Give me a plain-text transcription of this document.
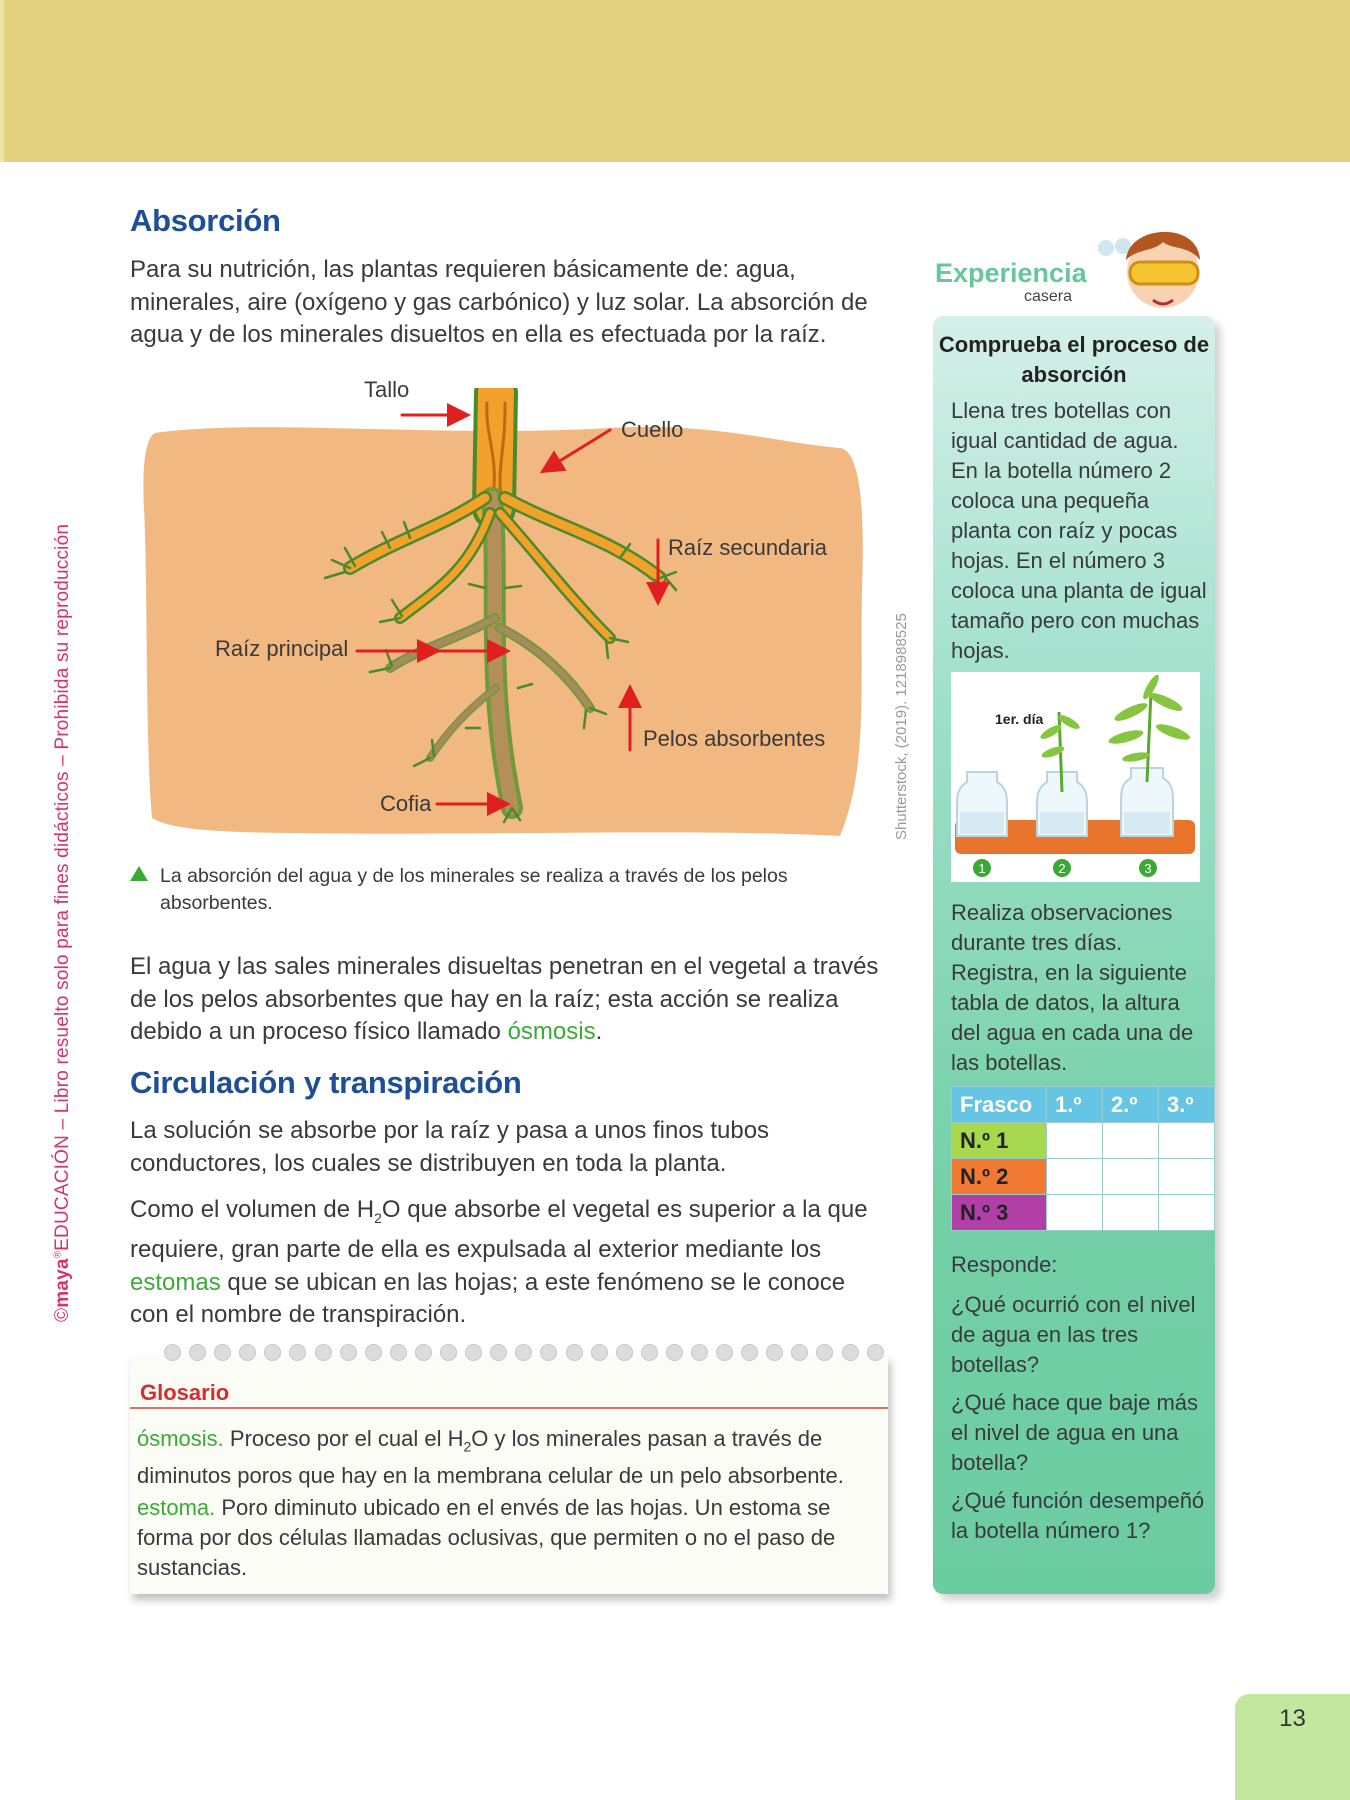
©maya®EDUCACIÓN – Libro resuelto solo para fines didácticos – Prohibida su reproducción	Shutterstock, (2019). 1218988525
Absorción

Para su nutrición, las plantas requieren básicamente de: agua, minerales, aire (oxígeno y gas carbónico) y luz solar. La absorción de agua y de los minerales disueltos en ella es efectuada por la raíz.

Tallo
Cuello
Raíz secundaria
Raíz principal
Pelos absorbentes
Cofia
La absorción del agua y de los minerales se realiza a través de los pelos absorbentes.

El agua y las sales minerales disueltas penetran en el vegetal a través de los pelos absorbentes que hay en la raíz; esta acción se realiza debido a un proceso físico llamado ósmosis.

Circulación y transpiración

La solución se absorbe por la raíz y pasa a unos finos tubos conductores, los cuales se distribuyen en toda la planta.

Como el volumen de $H_2O$ que absorbe el vegetal es superior a la que requiere, gran parte de ella es expulsada al exterior mediante los estomas que se ubican en las hojas; a este fenómeno se le conoce con el nombre de transpiración.

Glosario
ósmosis. Proceso por el cual el $H_2O$ y los minerales pasan a través de diminutos poros que hay en la membrana celular de un pelo absorbente.
estoma. Poro diminuto ubicado en el envés de las hojas. Un estoma se forma por dos células llamadas oclusivas, que permiten o no el paso de sustancias.
Experiencia
casera
Comprueba el proceso de absorción
Llena tres botellas con igual cantidad de agua. En la botella número 2 coloca una pequeña planta con raíz y pocas hojas. En el número 3 coloca una planta de igual tamaño pero con muchas hojas.
1er. día
1	2	3
Realiza observaciones durante tres días. Registra, en la siguiente tabla de datos, la altura del agua en cada una de las botellas.
Frasco	1.º	2.º	3.º
N.º 1			
N.º 2			
N.º 3			
Responde:
¿Qué ocurrió con el nivel de agua en las tres botellas?
¿Qué hace que baje más el nivel de agua en una botella?
¿Qué función desempeñó la botella número 1?
13
